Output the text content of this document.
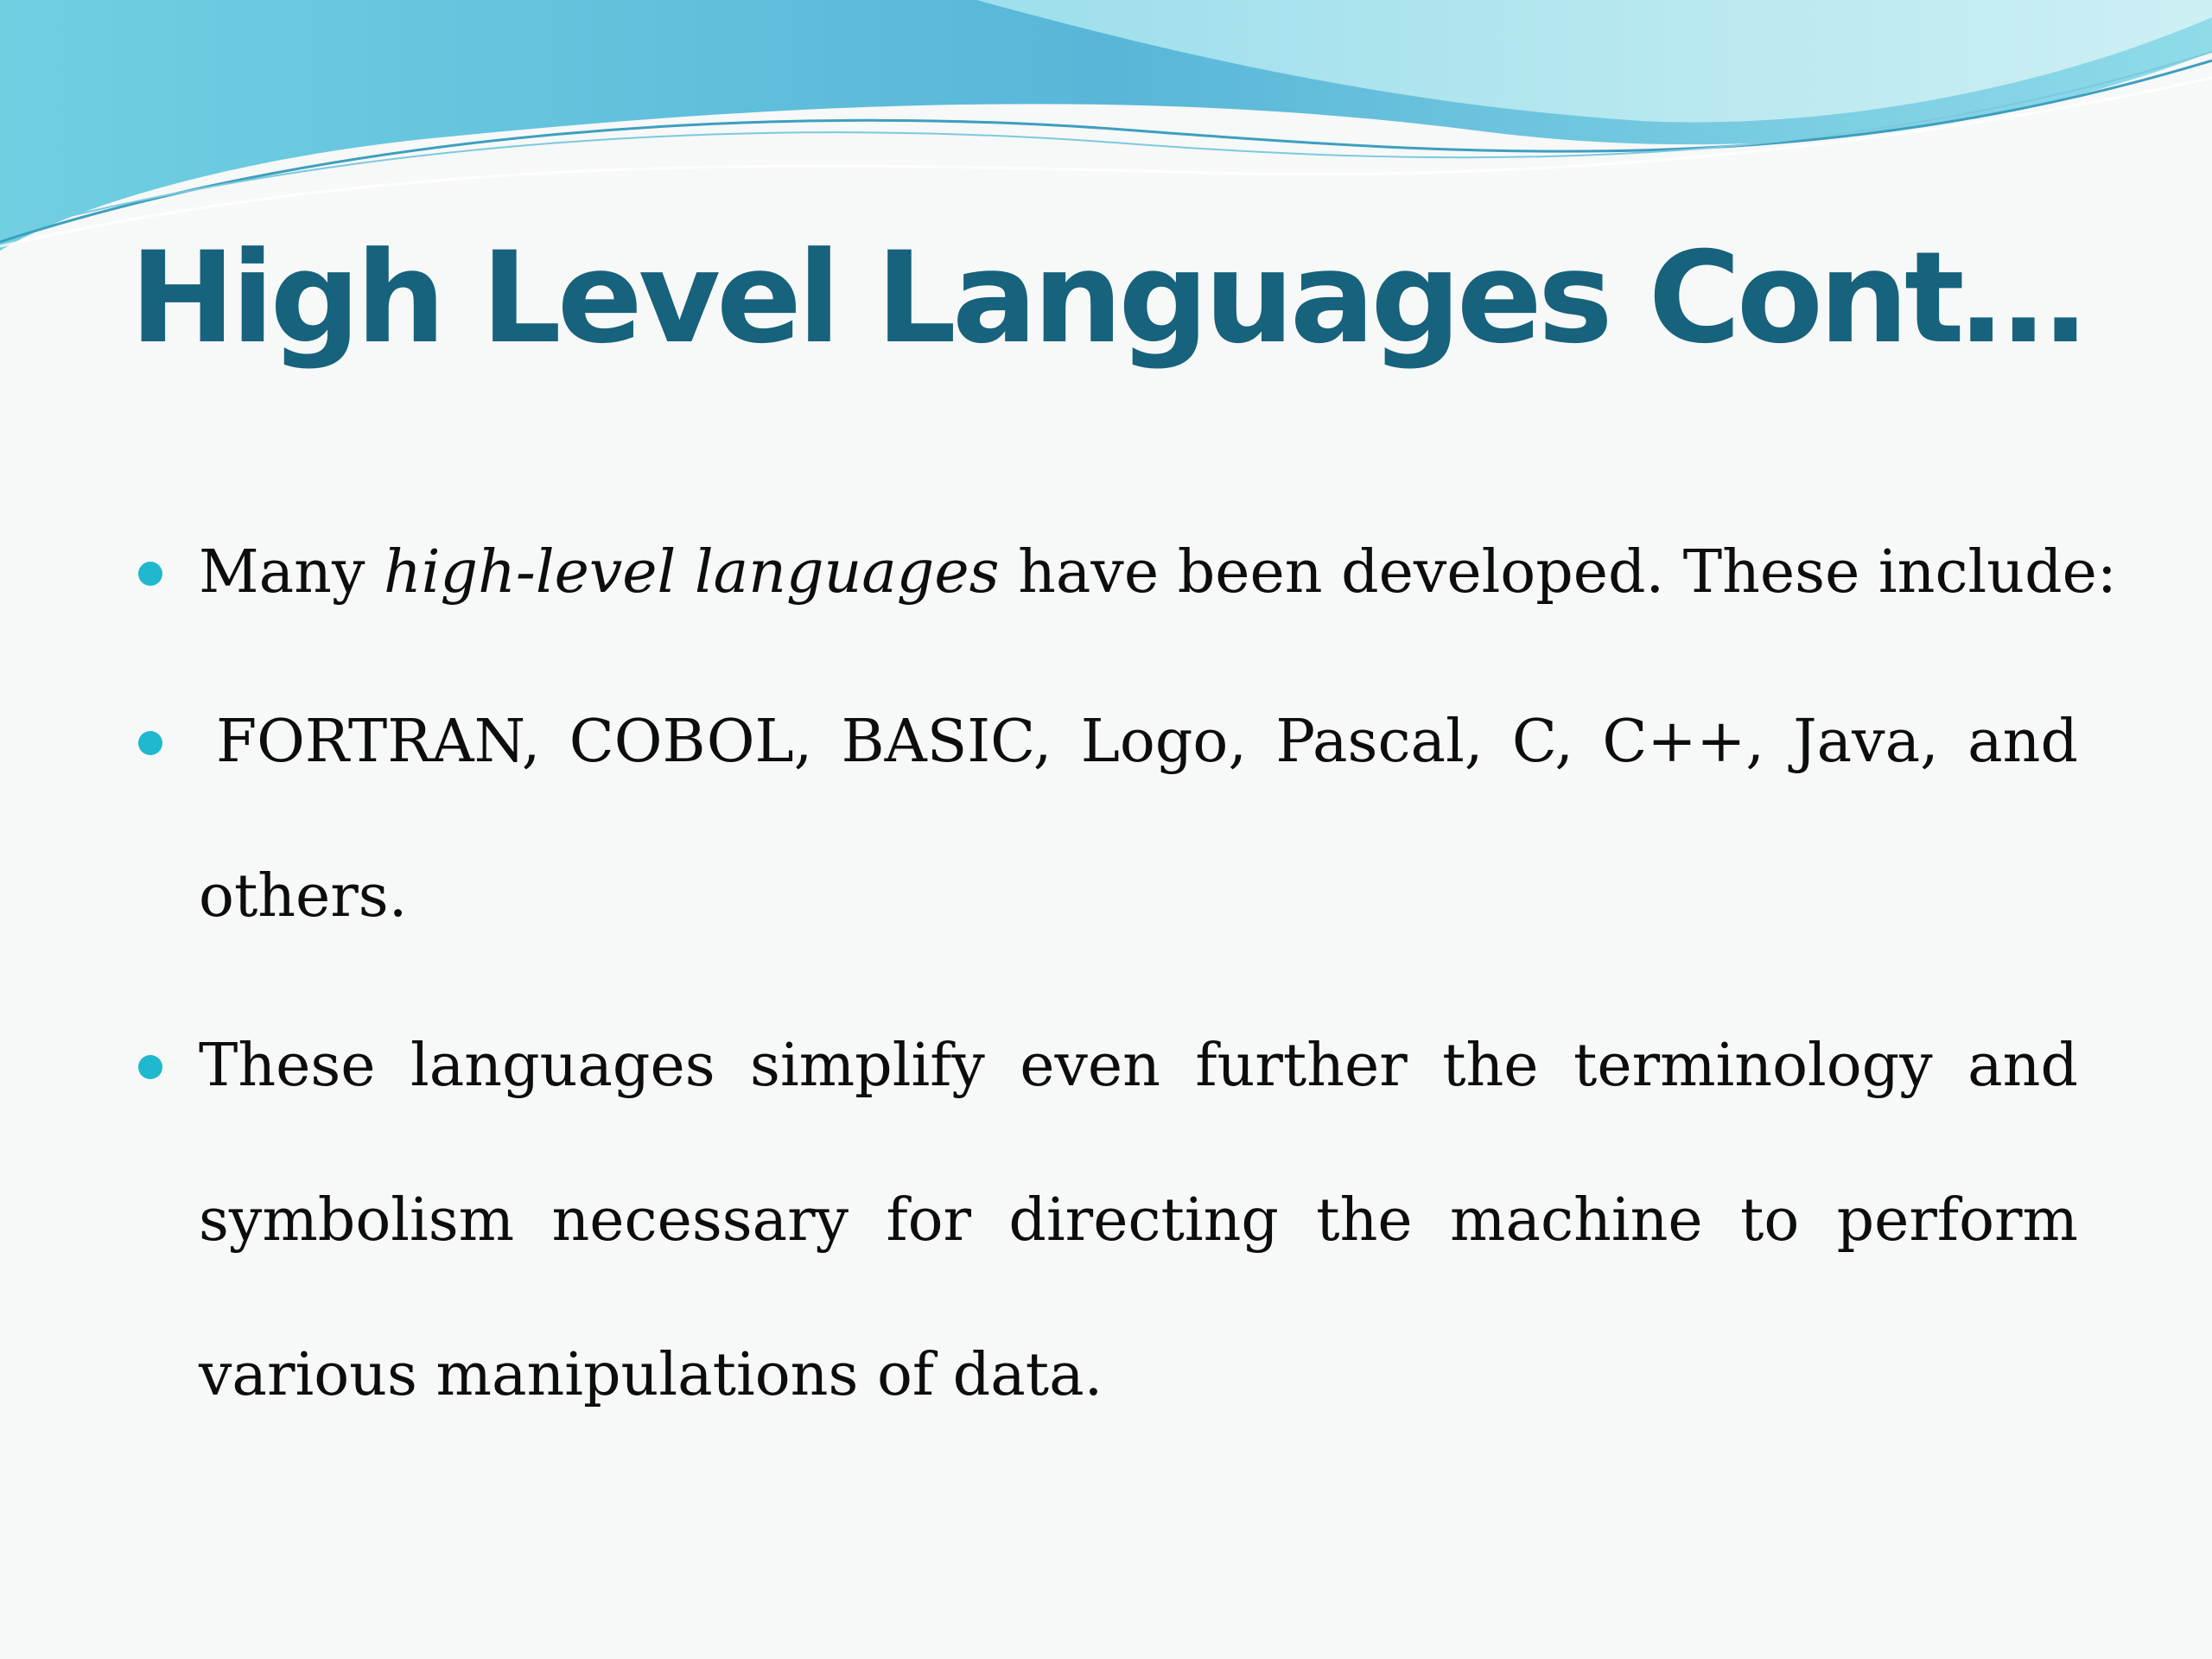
High Level Languages Cont…
Many high-level languages have been developed. These include:
FORTRAN, COBOL, BASIC, Logo, Pascal, C, C++, Java, and
others.
These languages simplify even further the terminology and
symbolism necessary for directing the machine to perform
various manipulations of data.
